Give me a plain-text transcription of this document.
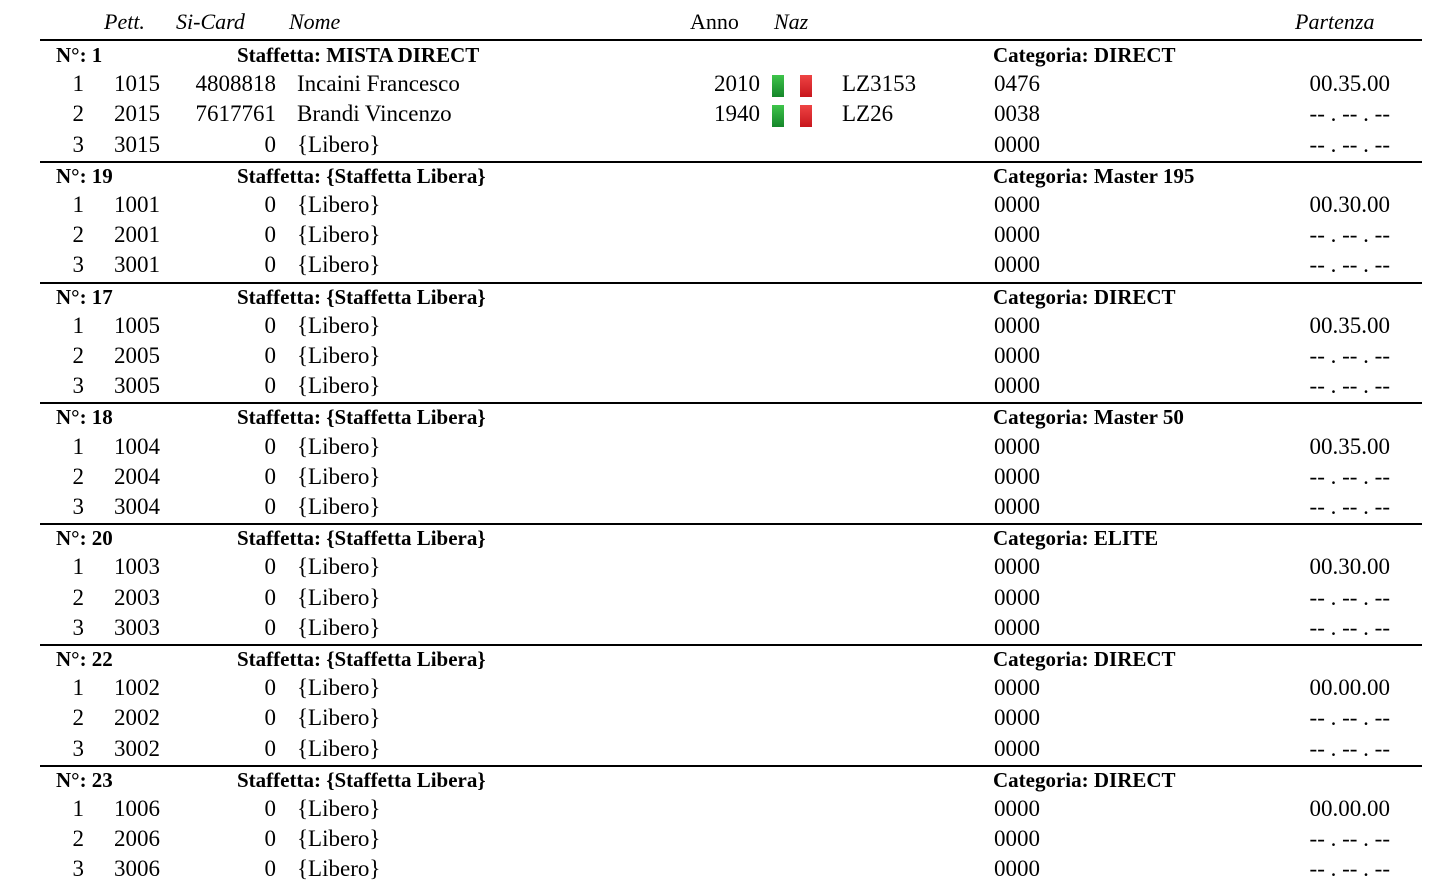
Pett. Si-Card Nome	Anno Naz	Partenza
N°: 1	Staffetta: MISTA DIRECT	Categoria: DIRECT
1	1015	4808818 Incaini Francesco	2010	LZ3153	0476	00.35.00
2	2015	7617761 Brandi Vincenzo	1940	LZ26	0038	-- . -- . --
3	3015	0 {Libero}	0000	-- . -- . --
N°: 19	Staffetta: {Staffetta Libera}	Categoria: Master 195
1	1001	0 {Libero}	0000	00.30.00
2	2001	0 {Libero}	0000	-- . -- . --
3	3001	0 {Libero}	0000	-- . -- . --
N°: 17	Staffetta: {Staffetta Libera}	Categoria: DIRECT
1	1005	0 {Libero}	0000	00.35.00
2	2005	0 {Libero}	0000	-- . -- . --
3	3005	0 {Libero}	0000	-- . -- . --
N°: 18	Staffetta: {Staffetta Libera}	Categoria: Master 50
1	1004	0 {Libero}	0000	00.35.00
2	2004	0 {Libero}	0000	-- . -- . --
3	3004	0 {Libero}	0000	-- . -- . --
N°: 20	Staffetta: {Staffetta Libera}	Categoria: ELITE
1	1003	0 {Libero}	0000	00.30.00
2	2003	0 {Libero}	0000	-- . -- . --
3	3003	0 {Libero}	0000	-- . -- . --
N°: 22	Staffetta: {Staffetta Libera}	Categoria: DIRECT
1	1002	0 {Libero}	0000	00.00.00
2	2002	0 {Libero}	0000	-- . -- . --
3	3002	0 {Libero}	0000	-- . -- . --
N°: 23	Staffetta: {Staffetta Libera}	Categoria: DIRECT
1	1006	0 {Libero}	0000	00.00.00
2	2006	0 {Libero}	0000	-- . -- . --
3	3006	0 {Libero}	0000	-- . -- . --
